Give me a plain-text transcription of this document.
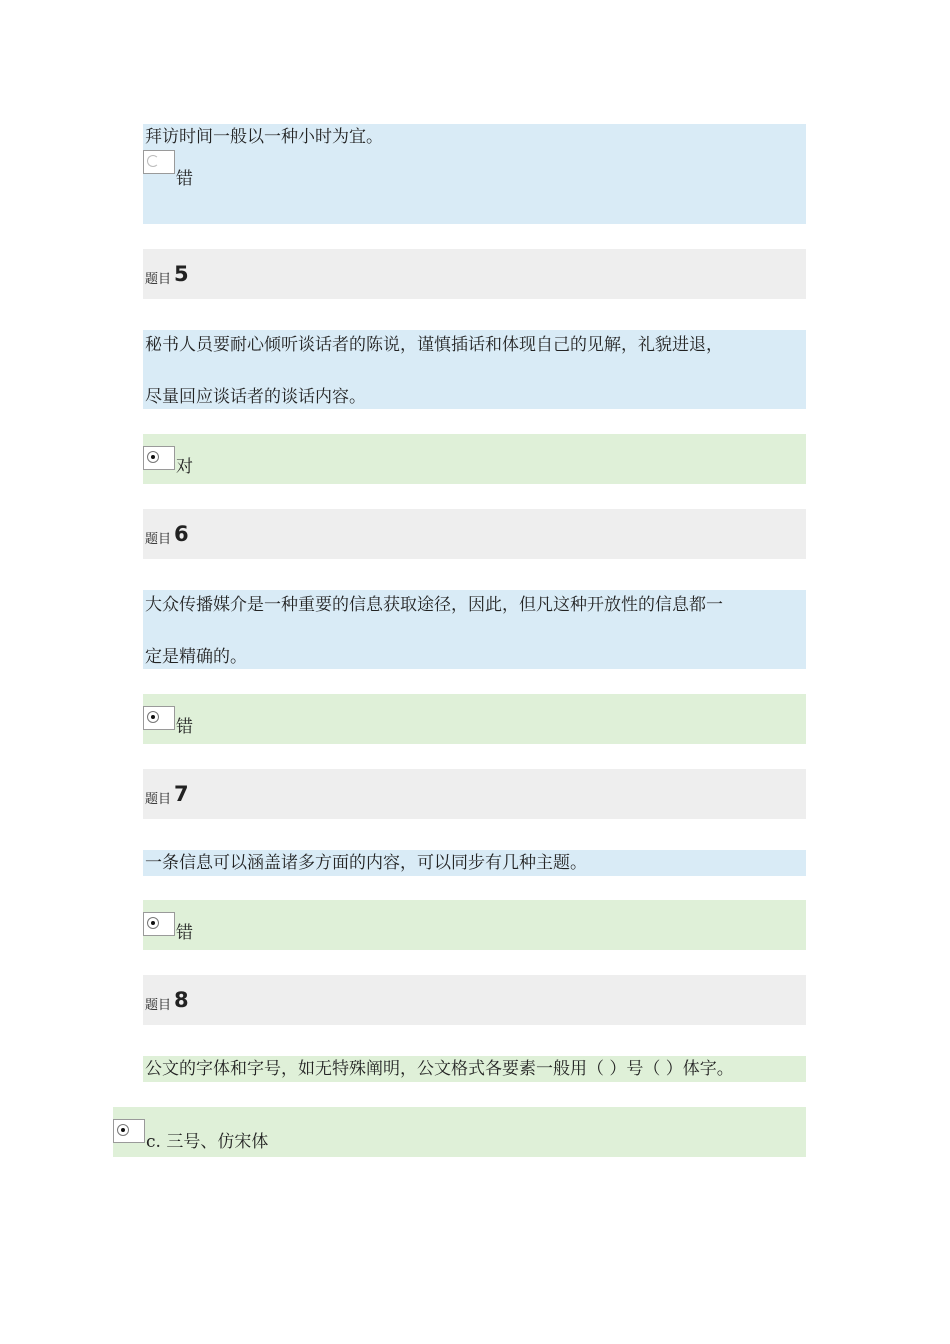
拜访时间一般以一种小时为宜。
错
题目 5
秘书人员要耐心倾听谈话者的陈说，谨慎插话和体现自己的见解，礼貌进退，
尽量回应谈话者的谈话内容。
对
题目 6
大众传播媒介是一种重要的信息获取途径，因此，但凡这种开放性的信息都一
定是精确的。
错
题目 7
一条信息可以涵盖诸多方面的内容，可以同步有几种主题。
错
题目 8
公文的字体和字号，如无特殊阐明，公文格式各要素一般用（ ）号（ ）体字。
c. 三号、仿宋体
